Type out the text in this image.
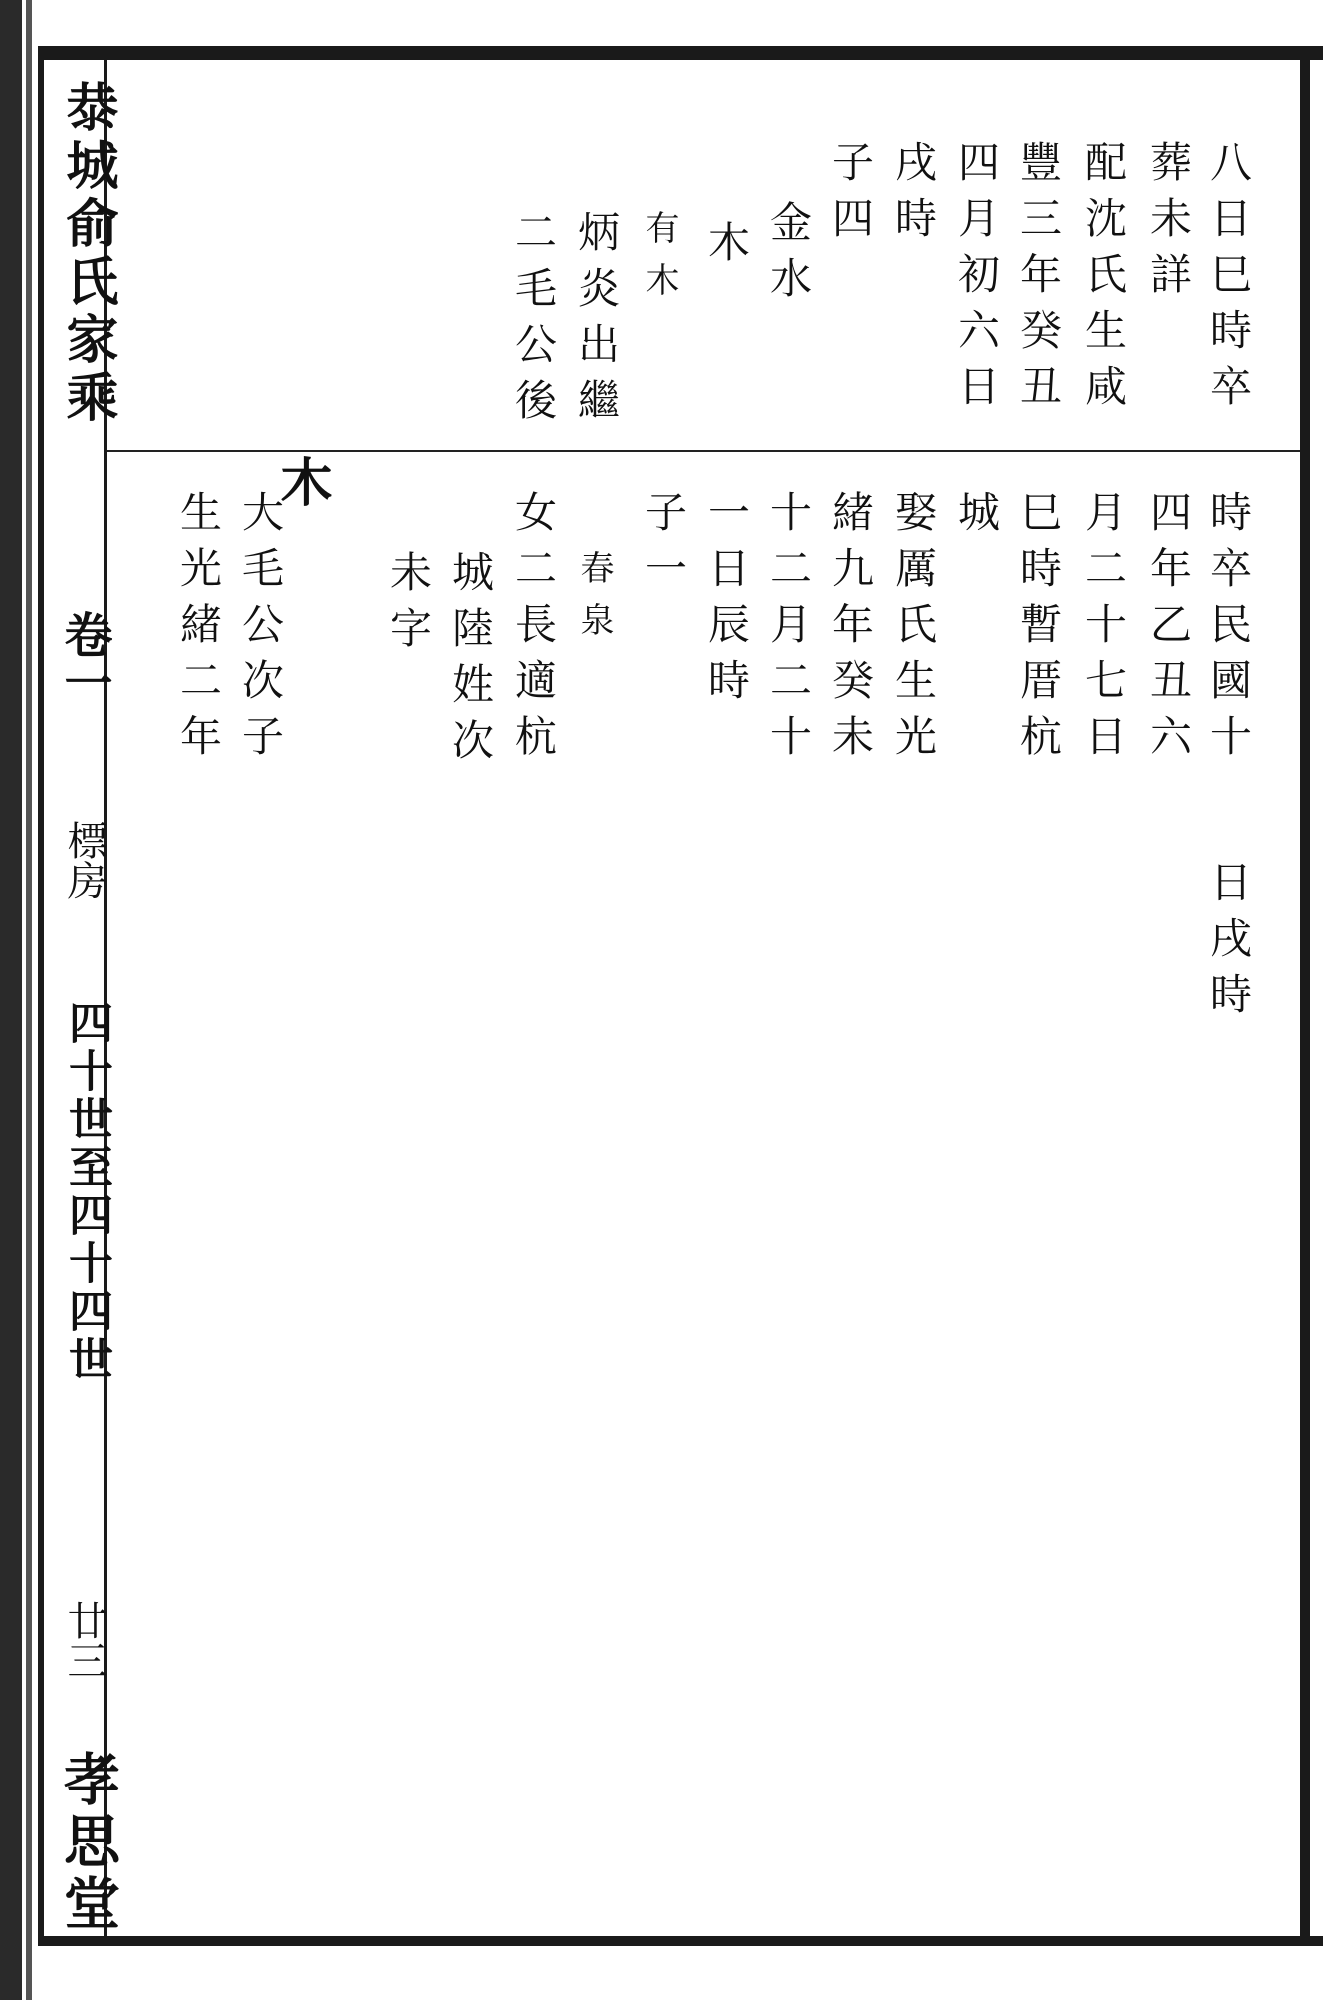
㳟城俞氏家乘
卷一
標房
四十世至四十四世
廿三
孝思堂
八日巳時卒
葬未詳
配沈氏生咸
豐三年癸丑
四月初六日
戌時
子四
金水
木
有木
炳炎出繼
二毛公後
時卒民國十
日戌時
四年乙丑六
月二十七日
巳時暫厝杭
城
娶厲氏生光
緒九年癸未
十二月二十
一日辰時
子一
春泉
女二長適杭
城陸姓次
未字
木
大毛公次子
生光緒二年
